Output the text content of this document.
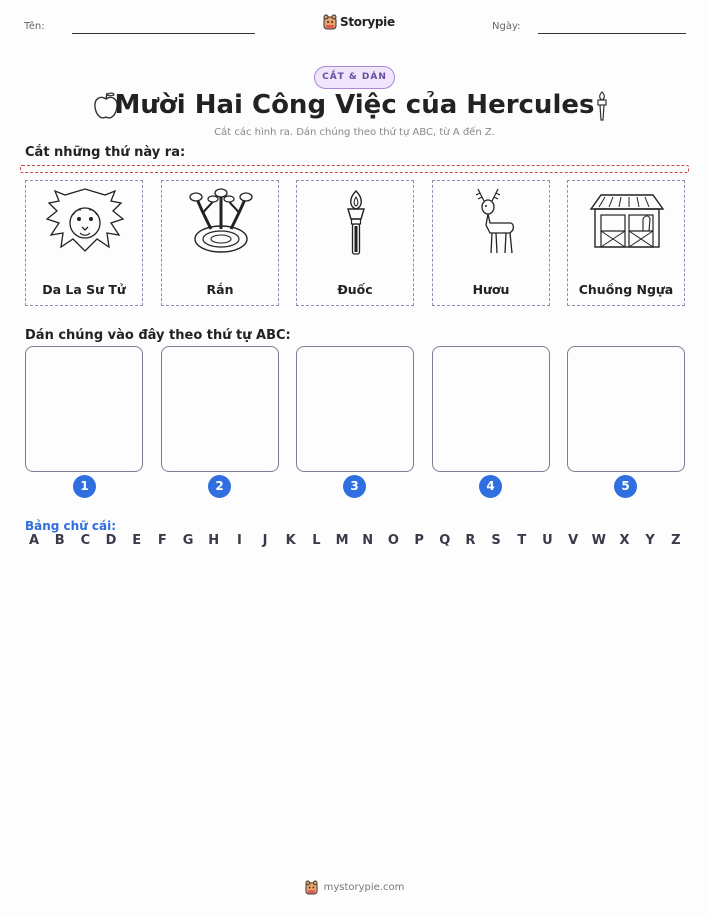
Tên:	Storypie	Ngày:
CẮT & DÁN
Mười Hai Công Việc của Hercules
Cắt các hình ra. Dán chúng theo thứ tự ABC, từ A đến Z.
Cắt những thứ này ra:
Da La Sư Tử	Rắn	Đuốc	Hươu	Chuồng Ngựa
Dán chúng vào đây theo thứ tự ABC:
1	2	3	4	5
Bảng chữ cái:
A	B	C	D	E	F	G H	I	J	K	L	M N O	P	Q	R	S	T	U	V	W	X	Y	Z
mystorypie.com
